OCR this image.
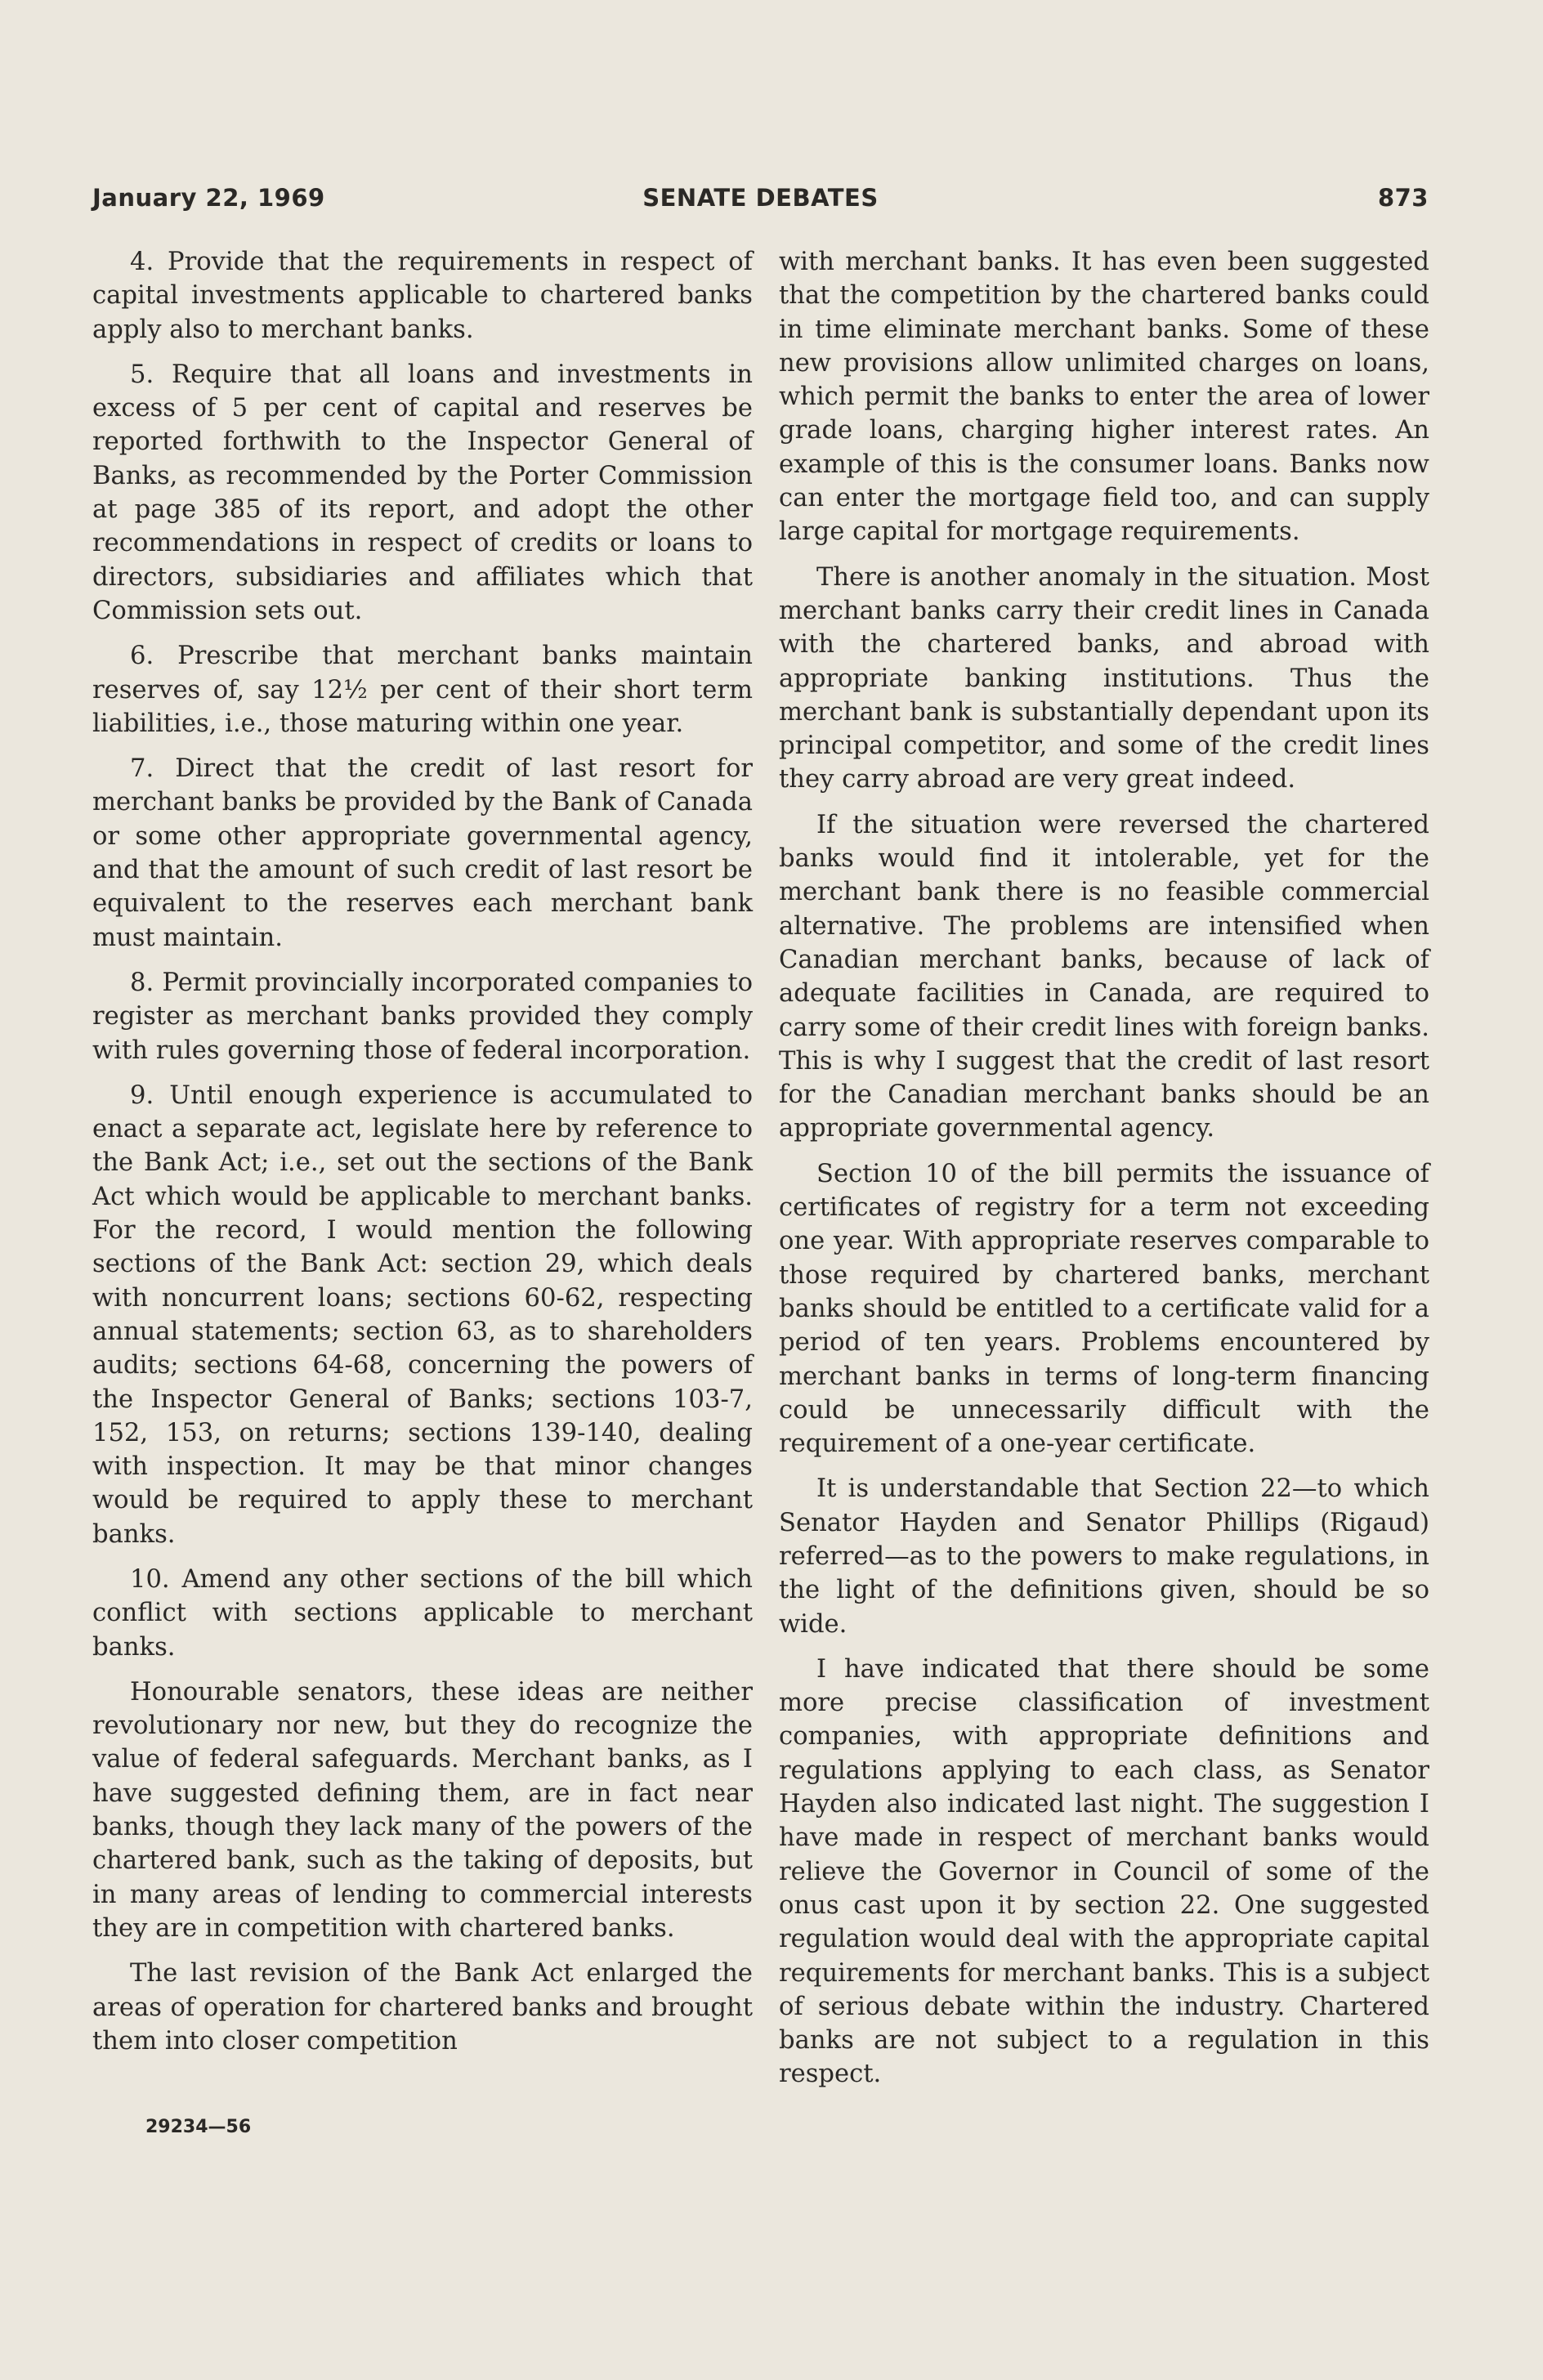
January 22, 1969	SENATE DEBATES	873

4. Provide that the requirements in respect of capital investments applicable to chartered banks apply also to merchant banks.

5. Require that all loans and investments in excess of 5 per cent of capital and reserves be reported forthwith to the Inspector General of Banks, as recommended by the Porter Commission at page 385 of its report, and adopt the other recommendations in respect of credits or loans to directors, subsidiaries and affiliates which that Commission sets out.

6. Prescribe that merchant banks maintain reserves of, say 12½ per cent of their short term liabilities, i.e., those maturing within one year.

7. Direct that the credit of last resort for merchant banks be provided by the Bank of Canada or some other appropriate governmental agency, and that the amount of such credit of last resort be equivalent to the reserves each merchant bank must maintain.

8. Permit provincially incorporated companies to register as merchant banks provided they comply with rules governing those of federal incorporation.

9. Until enough experience is accumulated to enact a separate act, legislate here by reference to the Bank Act; i.e., set out the sections of the Bank Act which would be applicable to merchant banks. For the record, I would mention the following sections of the Bank Act: section 29, which deals with noncurrent loans; sections 60-62, respecting annual statements; section 63, as to shareholders audits; sections 64-68, concerning the powers of the Inspector General of Banks; sections 103-7, 152, 153, on returns; sections 139-140, dealing with inspection. It may be that minor changes would be required to apply these to merchant banks.

10. Amend any other sections of the bill which conflict with sections applicable to merchant banks.

Honourable senators, these ideas are neither revolutionary nor new, but they do recognize the value of federal safeguards. Merchant banks, as I have suggested defining them, are in fact near banks, though they lack many of the powers of the chartered bank, such as the taking of deposits, but in many areas of lending to commercial interests they are in competition with chartered banks.

The last revision of the Bank Act enlarged the areas of operation for chartered banks and brought them into closer competition

with merchant banks. It has even been suggested that the competition by the chartered banks could in time eliminate merchant banks. Some of these new provisions allow unlimited charges on loans, which permit the banks to enter the area of lower grade loans, charging higher interest rates. An example of this is the consumer loans. Banks now can enter the mortgage field too, and can supply large capital for mortgage requirements.

There is another anomaly in the situation. Most merchant banks carry their credit lines in Canada with the chartered banks, and abroad with appropriate banking institutions. Thus the merchant bank is substantially dependant upon its principal competitor, and some of the credit lines they carry abroad are very great indeed.

If the situation were reversed the chartered banks would find it intolerable, yet for the merchant bank there is no feasible commercial alternative. The problems are intensified when Canadian merchant banks, because of lack of adequate facilities in Canada, are required to carry some of their credit lines with foreign banks. This is why I suggest that the credit of last resort for the Canadian merchant banks should be an appropriate governmental agency.

Section 10 of the bill permits the issuance of certificates of registry for a term not exceeding one year. With appropriate reserves comparable to those required by chartered banks, merchant banks should be entitled to a certificate valid for a period of ten years. Problems encountered by merchant banks in terms of long-term financing could be unnecessarily difficult with the requirement of a one-year certificate.

It is understandable that Section 22—to which Senator Hayden and Senator Phillips (Rigaud) referred—as to the powers to make regulations, in the light of the definitions given, should be so wide.

I have indicated that there should be some more precise classification of investment companies, with appropriate definitions and regulations applying to each class, as Senator Hayden also indicated last night. The suggestion I have made in respect of merchant banks would relieve the Governor in Council of some of the onus cast upon it by section 22. One suggested regulation would deal with the appropriate capital requirements for merchant banks. This is a subject of serious debate within the industry. Chartered banks are not subject to a regulation in this respect.

29234—56
